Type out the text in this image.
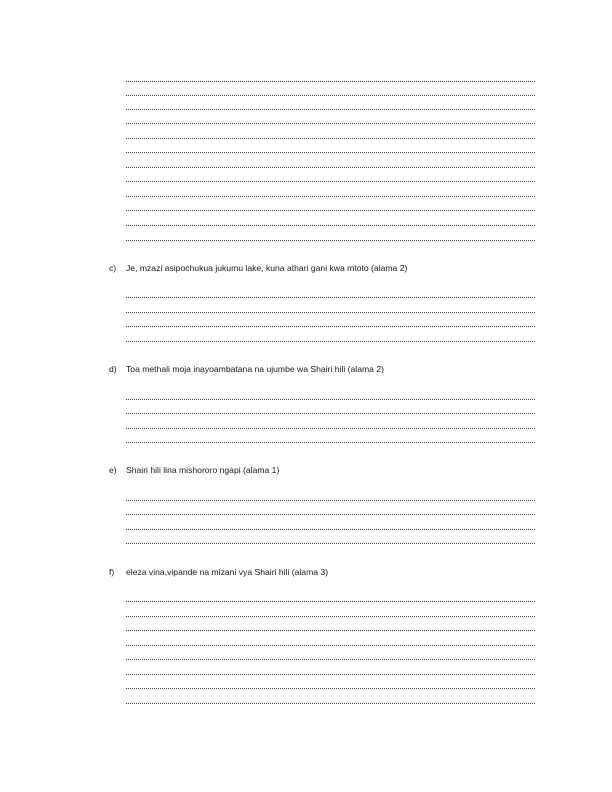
c) Je, mzazi asipochukua jukumu lake, kuna athari gani kwa mtoto (alama 2)
d) Toa methali moja inayoambatana na ujumbe wa Shairi hili (alama 2)
e)Shairi hili lina mishororo ngapi (alama 1)
f) eleza vina,vipande na mizani vya Shairi hili (alama 3)
